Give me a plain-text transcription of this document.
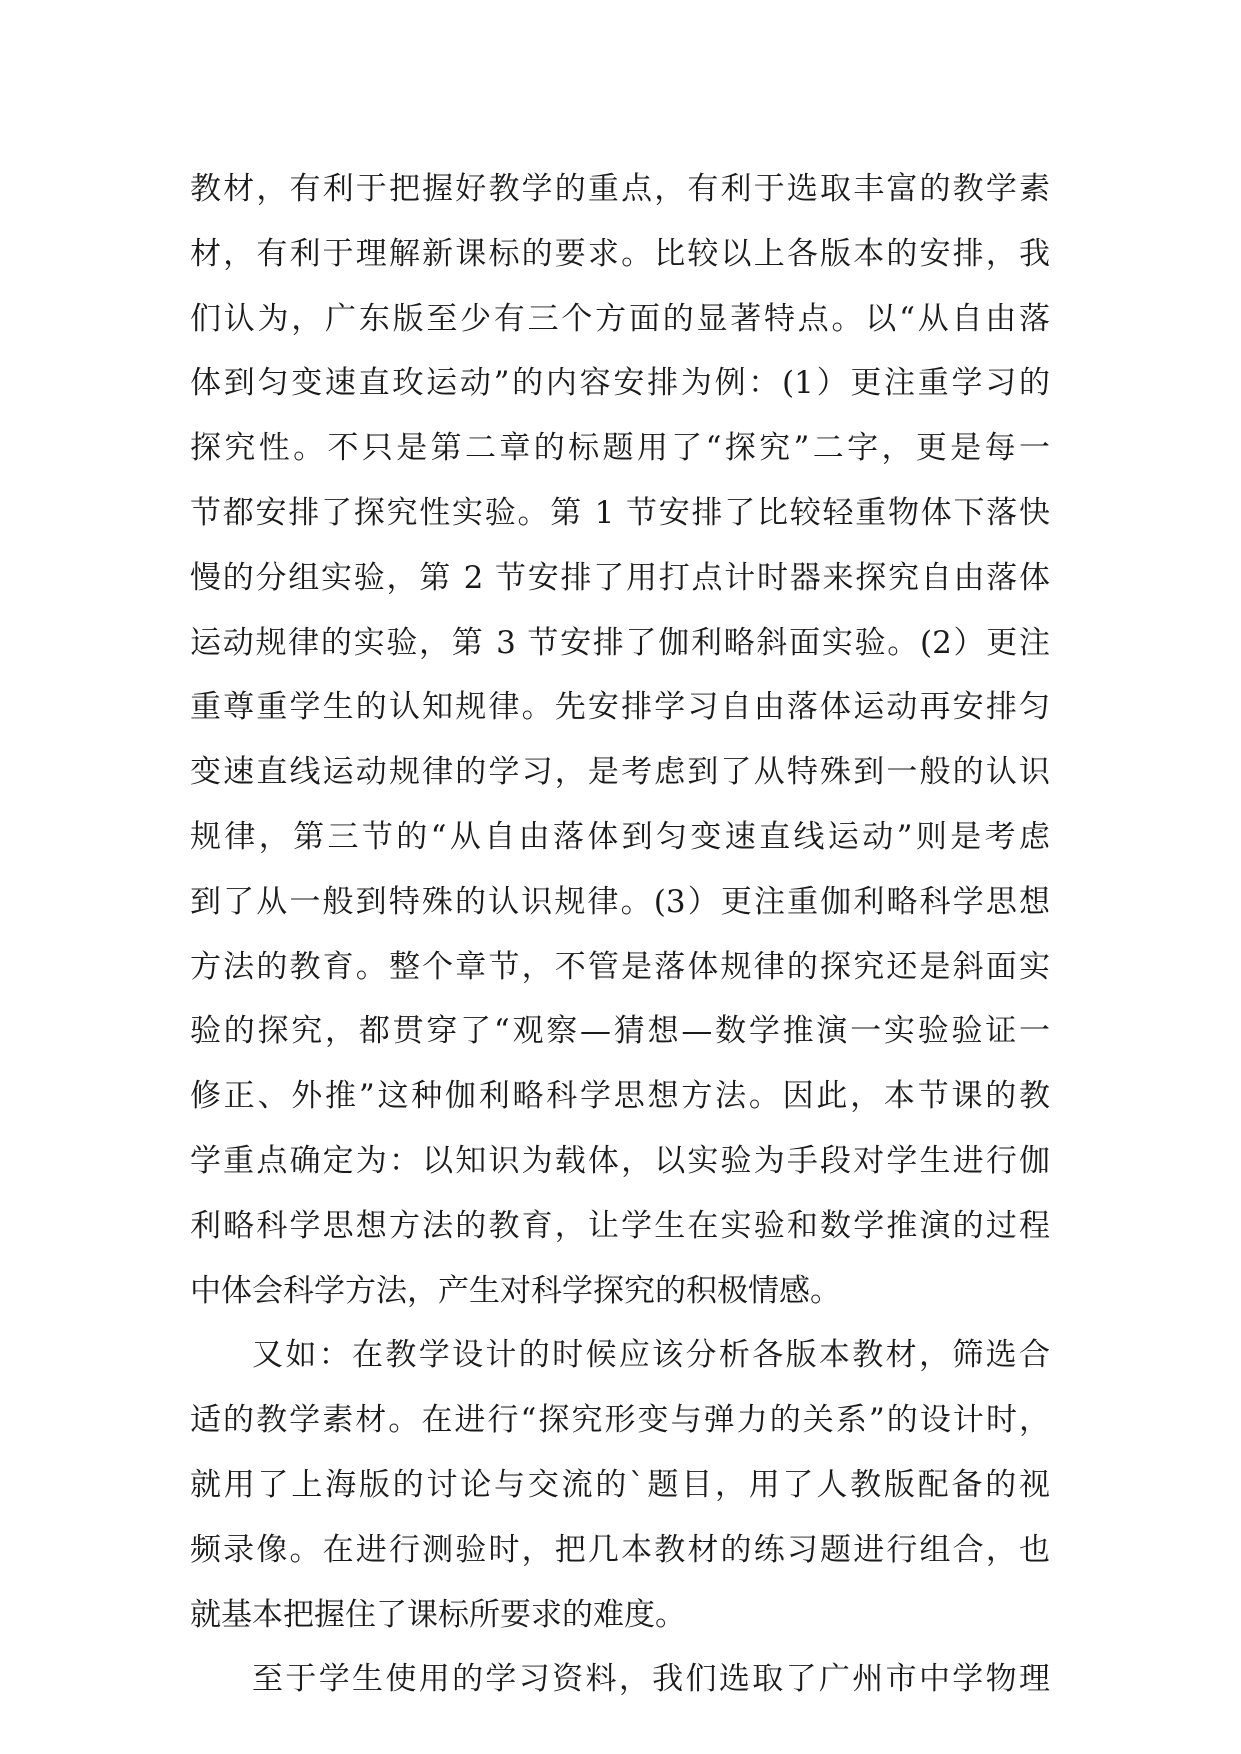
教材，有利于把握好教学的重点，有利于选取丰富的教学素
材，有利于理解新课标的要求。比较以上各版本的安排，我
们认为，广东版至少有三个方面的显著特点。以“从自由落
体到匀变速直玫运动”的内容安排为例：(1）更注重学习的
探究性。不只是第二章的标题用了“探究”二字，更是每一
节都安排了探究性实验。第 1 节安排了比较轻重物体下落快
慢的分组实验，第 2 节安排了用打点计时器来探究自由落体
运动规律的实验，第 3 节安排了伽利略斜面实验。(2）更注
重尊重学生的认知规律。先安排学习自由落体运动再安排匀
变速直线运动规律的学习，是考虑到了从特殊到一般的认识
规律，第三节的“从自由落体到匀变速直线运动”则是考虑
到了从一般到特殊的认识规律。(3）更注重伽利略科学思想
方法的教育。整个章节，不管是落体规律的探究还是斜面实
验的探究，都贯穿了“观察—猜想—数学推演一实验验证一
修正、外推”这种伽利略科学思想方法。因此，本节课的教
学重点确定为：以知识为载体，以实验为手段对学生进行伽
利略科学思想方法的教育，让学生在实验和数学推演的过程
中体会科学方法，产生对科学探究的积极情感。
又如：在教学设计的时候应该分析各版本教材，筛选合
适的教学素材。在进行“探究形变与弹力的关系”的设计时，
就用了上海版的讨论与交流的`题目，用了人教版配备的视
频录像。在进行测验时，把几本教材的练习题进行组合，也
就基本把握住了课标所要求的难度。
至于学生使用的学习资料，我们选取了广州市中学物理
